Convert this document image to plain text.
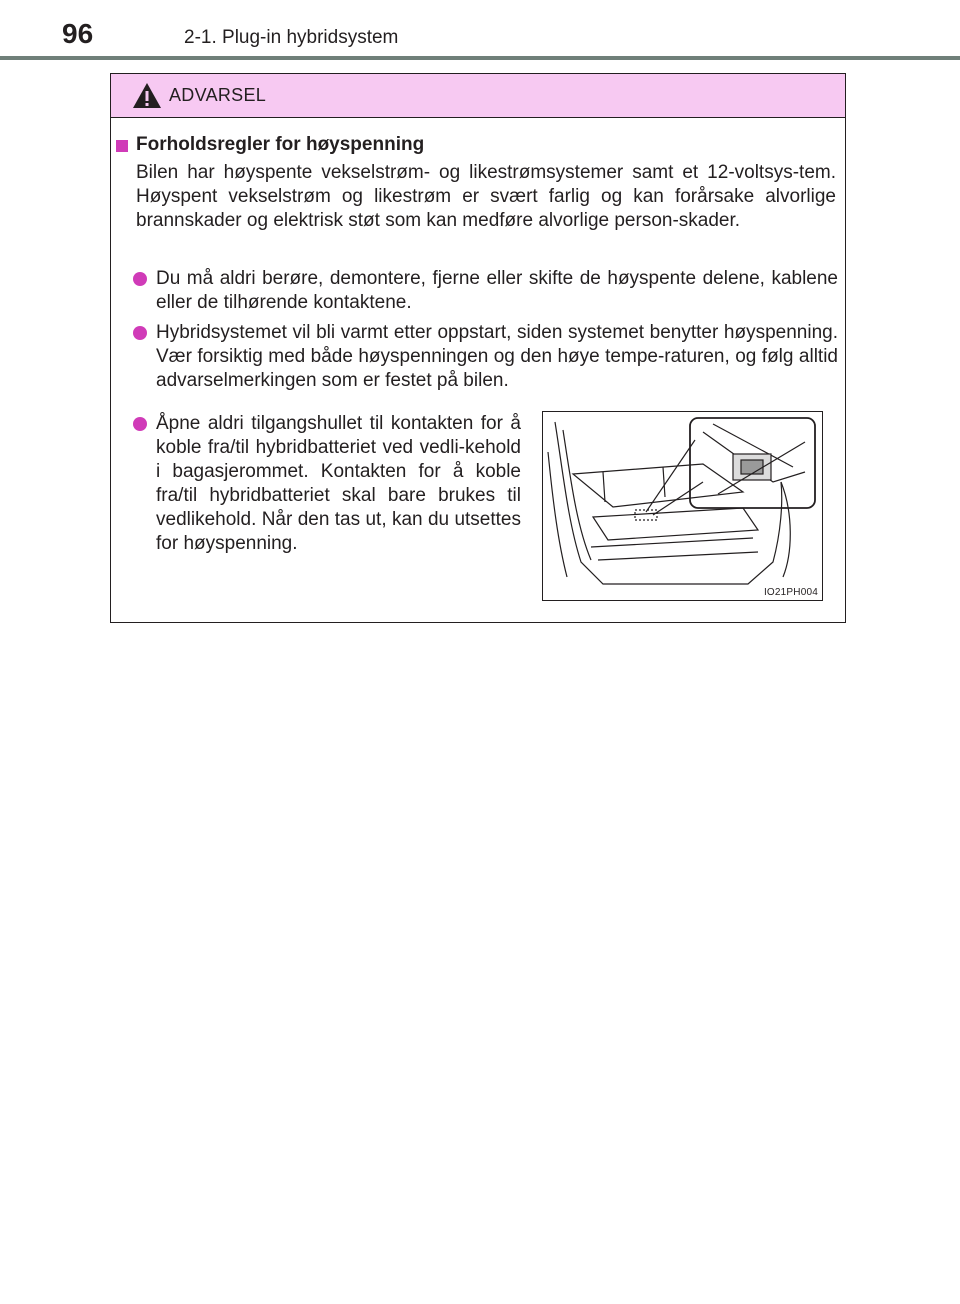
96	2-1. Plug-in hybridsystem
ADVARSEL
Forholdsregler for høyspenning

Bilen har høyspente vekselstrøm- og likestrømsystemer samt et 12-voltsys-tem. Høyspent vekselstrøm og likestrøm er svært farlig og kan forårsake alvorlige brannskader og elektrisk støt som kan medføre alvorlige person-skader.

Du må aldri berøre, demontere, fjerne eller skifte de høyspente delene, kablene eller de tilhørende kontaktene.

Hybridsystemet vil bli varmt etter oppstart, siden systemet benytter høyspenning. Vær forsiktig med både høyspenningen og den høye tempe-raturen, og følg alltid advarselmerkingen som er festet på bilen.

Åpne aldri tilgangshullet til kontakten for å koble fra/til hybridbatteriet ved vedli-kehold i bagasjerommet. Kontakten for å koble fra/til hybridbatteriet skal bare brukes til vedlikehold. Når den tas ut, kan du utsettes for høyspenning.

IO21PH004
